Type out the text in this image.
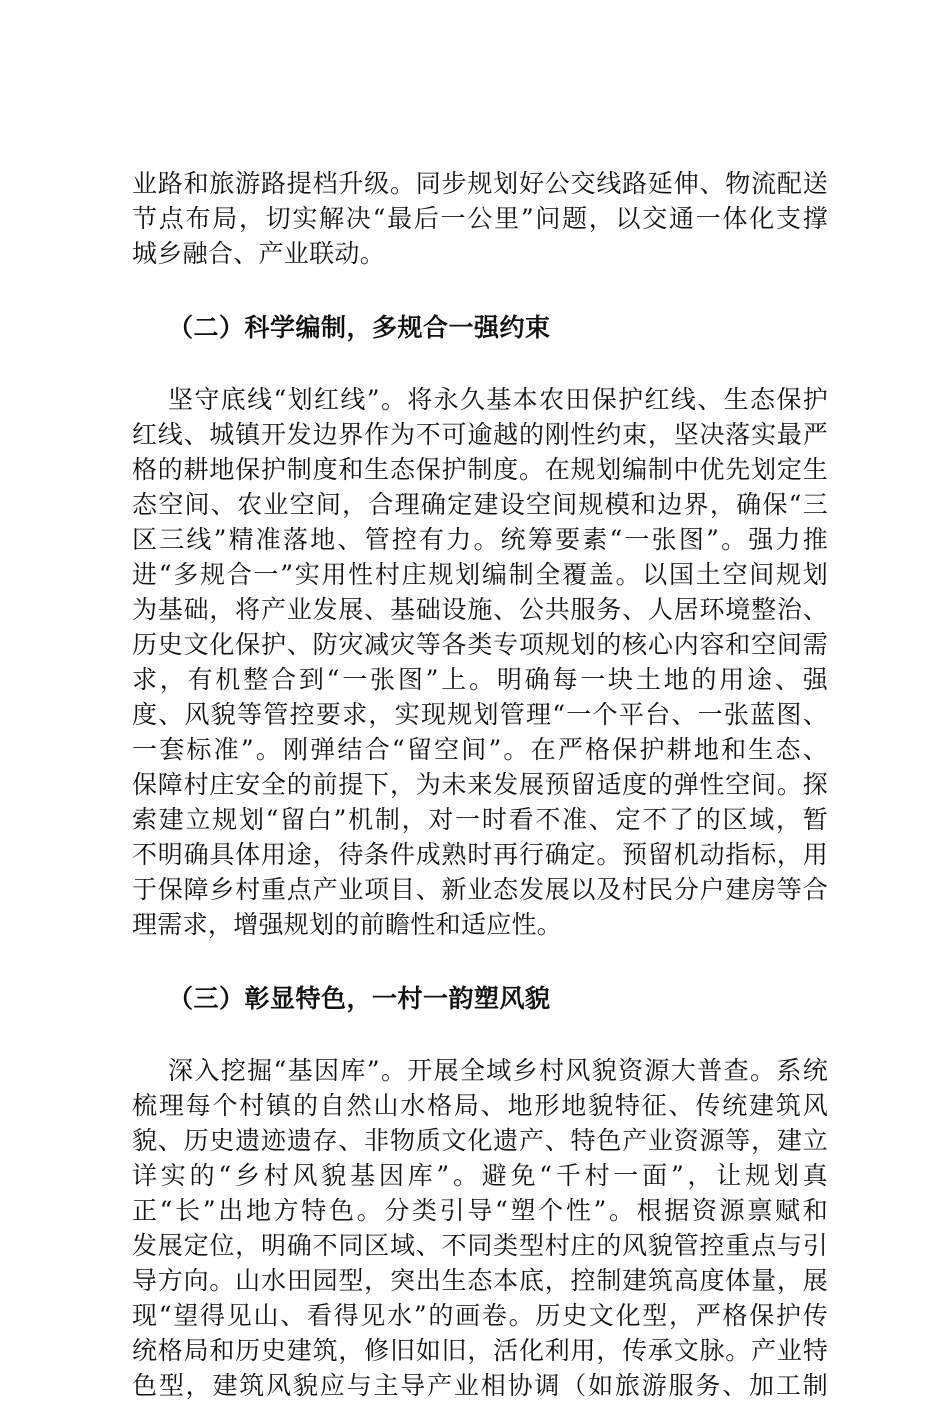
业路和旅游路提档升级。同步规划好公交线路延伸、物流配送
节点布局，切实解决“最后一公里”问题，以交通一体化支撑
城乡融合、产业联动。
（二）科学编制，多规合一强约束
坚守底线“划红线”。将永久基本农田保护红线、生态保护
红线、城镇开发边界作为不可逾越的刚性约束，坚决落实最严
格的耕地保护制度和生态保护制度。在规划编制中优先划定生
态空间、农业空间，合理确定建设空间规模和边界，确保“三
区三线”精准落地、管控有力。统筹要素“一张图”。强力推
进“多规合一”实用性村庄规划编制全覆盖。以国土空间规划
为基础，将产业发展、基础设施、公共服务、人居环境整治、
历史文化保护、防灾减灾等各类专项规划的核心内容和空间需
求，有机整合到“一张图”上。明确每一块土地的用途、强
度、风貌等管控要求，实现规划管理“一个平台、一张蓝图、
一套标准”。刚弹结合“留空间”。在严格保护耕地和生态、
保障村庄安全的前提下，为未来发展预留适度的弹性空间。探
索建立规划“留白”机制，对一时看不准、定不了的区域，暂
不明确具体用途，待条件成熟时再行确定。预留机动指标，用
于保障乡村重点产业项目、新业态发展以及村民分户建房等合
理需求，增强规划的前瞻性和适应性。
（三）彰显特色，一村一韵塑风貌
深入挖掘“基因库”。开展全域乡村风貌资源大普查。系统
梳理每个村镇的自然山水格局、地形地貌特征、传统建筑风
貌、历史遗迹遗存、非物质文化遗产、特色产业资源等，建立
详实的“乡村风貌基因库”。避免“千村一面”，让规划真
正“长”出地方特色。分类引导“塑个性”。根据资源禀赋和
发展定位，明确不同区域、不同类型村庄的风貌管控重点与引
导方向。山水田园型，突出生态本底，控制建筑高度体量，展
现“望得见山、看得见水”的画卷。历史文化型，严格保护传
统格局和历史建筑，修旧如旧，活化利用，传承文脉。产业特
色型，建筑风貌应与主导产业相协调（如旅游服务、加工制
